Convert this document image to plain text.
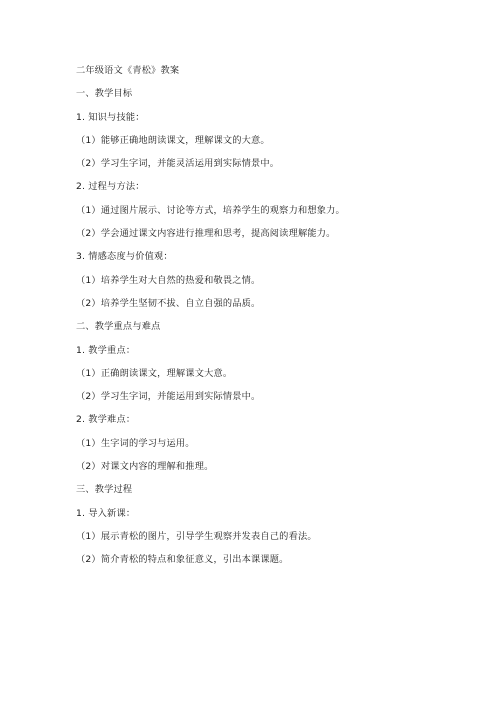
二年级语文《青松》教案
一、教学目标
1. 知识与技能：
（1）能够正确地朗读课文，理解课文的大意。
（2）学习生字词，并能灵活运用到实际情景中。
2. 过程与方法：
（1）通过图片展示、讨论等方式，培养学生的观察力和想象力。
（2）学会通过课文内容进行推理和思考，提高阅读理解能力。
3. 情感态度与价值观：
（1）培养学生对大自然的热爱和敬畏之情。
（2）培养学生坚韧不拔、自立自强的品质。
二、教学重点与难点
1. 教学重点：
（1）正确朗读课文，理解课文大意。
（2）学习生字词，并能运用到实际情景中。
2. 教学难点：
（1）生字词的学习与运用。
（2）对课文内容的理解和推理。
三、教学过程
1. 导入新课：
（1）展示青松的图片，引导学生观察并发表自己的看法。
（2）简介青松的特点和象征意义，引出本课课题。
